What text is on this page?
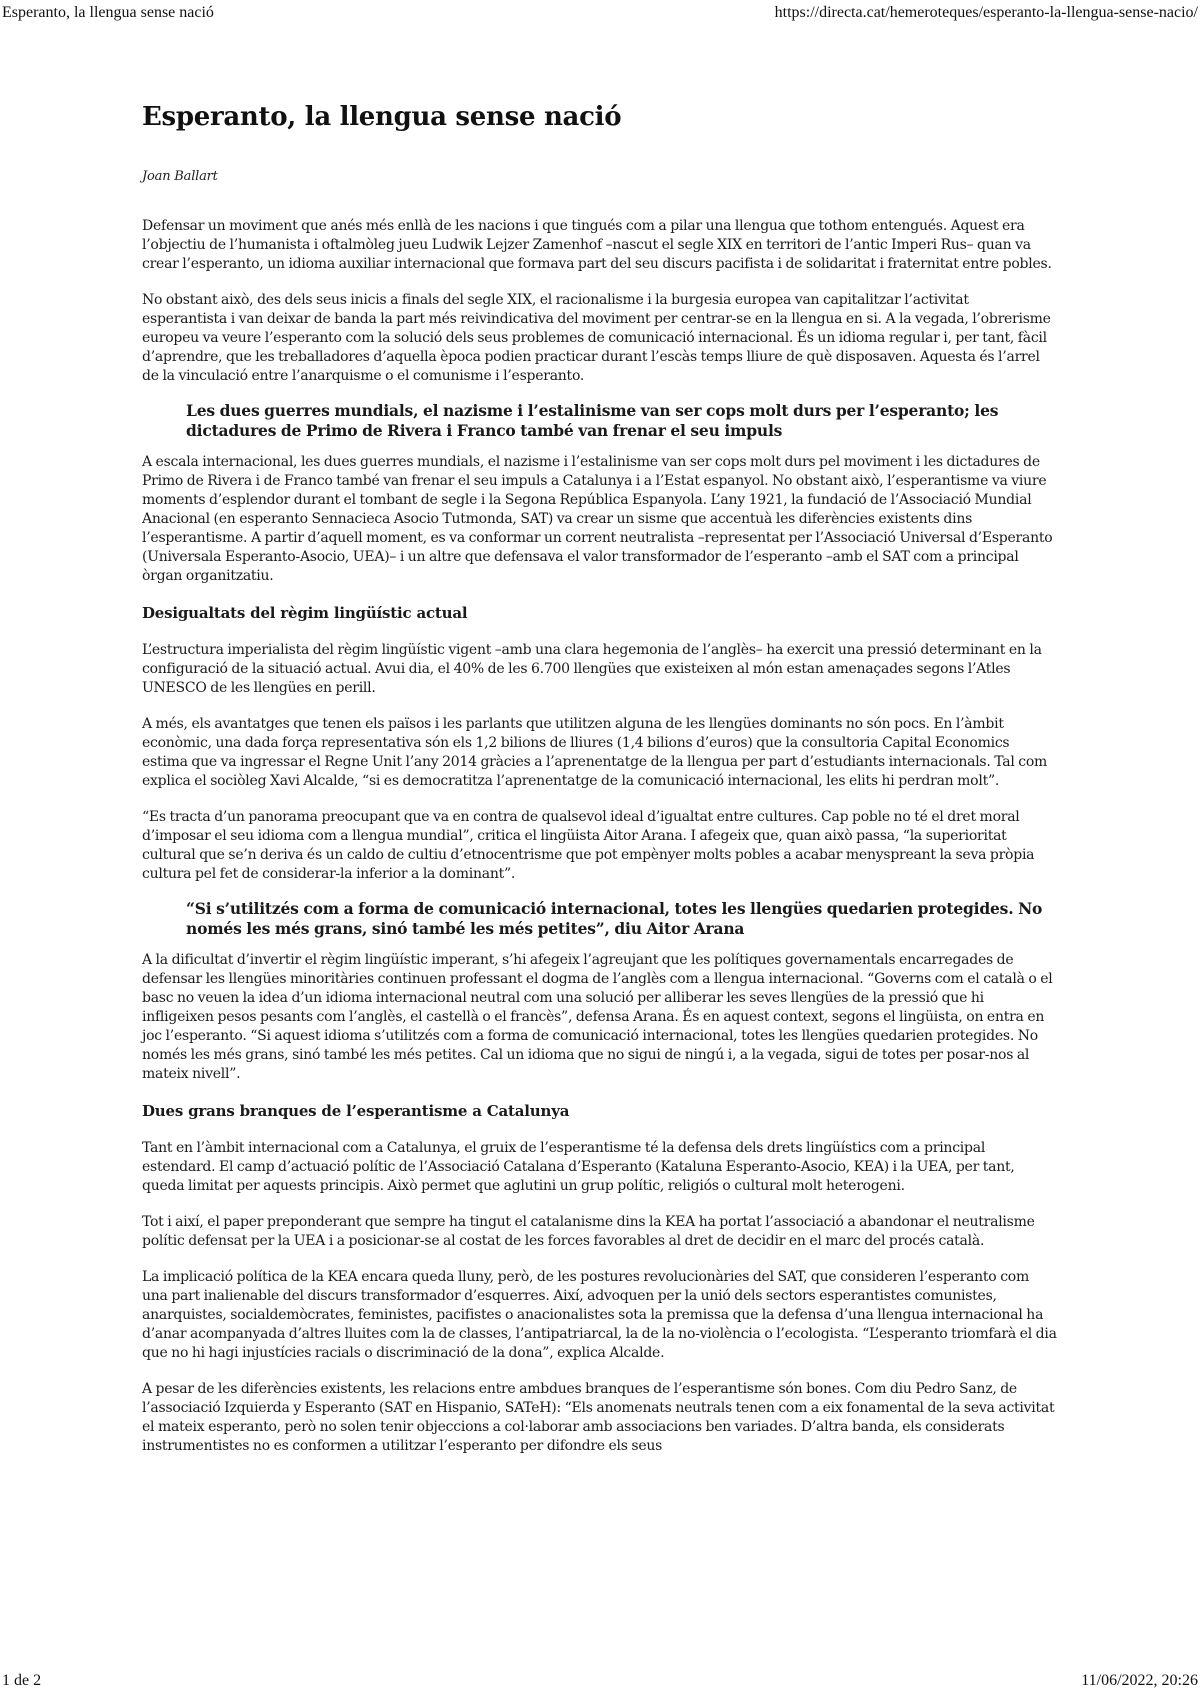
Esperanto, la llengua sense nació	https://directa.cat/hemeroteques/esperanto-la-llengua-sense-nacio/
Esperanto, la llengua sense nació
Joan Ballart

Defensar un moviment que anés més enllà de les nacions i que tingués com a pilar una llengua que tothom entengués. Aquest era l’objectiu de l’humanista i oftalmòleg jueu Ludwik Lejzer Zamenhof –nascut el segle XIX en territori de l’antic Imperi Rus– quan va crear l’esperanto, un idioma auxiliar internacional que formava part del seu discurs pacifista i de solidaritat i fraternitat entre pobles.

No obstant això, des dels seus inicis a finals del segle XIX, el racionalisme i la burgesia europea van capitalitzar l’activitat esperantista i van deixar de banda la part més reivindicativa del moviment per centrar-se en la llengua en si. A la vegada, l’obrerisme europeu va veure l’esperanto com la solució dels seus problemes de comunicació internacional. És un idioma regular i, per tant, fàcil d’aprendre, que les treballadores d’aquella època podien practicar durant l’escàs temps lliure de què disposaven. Aquesta és l’arrel de la vinculació entre l’anarquisme o el comunisme i l’esperanto.

Les dues guerres mundials, el nazisme i l’estalinisme van ser cops molt durs per l’esperanto; les dictadures de Primo de Rivera i Franco també van frenar el seu impuls

A escala internacional, les dues guerres mundials, el nazisme i l’estalinisme van ser cops molt durs pel moviment i les dictadures de Primo de Rivera i de Franco també van frenar el seu impuls a Catalunya i a l’Estat espanyol. No obstant això, l’esperantisme va viure moments d’esplendor durant el tombant de segle i la Segona República Espanyola. L’any 1921, la fundació de l’Associació Mundial Anacional (en esperanto Sennacieca Asocio Tutmonda, SAT) va crear un sisme que accentuà les diferències existents dins l’esperantisme. A partir d’aquell moment, es va conformar un corrent neutralista –representat per l’Associació Universal d’Esperanto (Universala Esperanto-Asocio, UEA)– i un altre que defensava el valor transformador de l’esperanto –amb el SAT com a principal òrgan organitzatiu.

Desigualtats del règim lingüístic actual

L’estructura imperialista del règim lingüístic vigent –amb una clara hegemonia de l’anglès– ha exercit una pressió determinant en la configuració de la situació actual. Avui dia, el 40% de les 6.700 llengües que existeixen al món estan amenaçades segons l’Atles UNESCO de les llengües en perill.

A més, els avantatges que tenen els països i les parlants que utilitzen alguna de les llengües dominants no són pocs. En l’àmbit econòmic, una dada força representativa són els 1,2 bilions de lliures (1,4 bilions d’euros) que la consultoria Capital Economics estima que va ingressar el Regne Unit l’any 2014 gràcies a l’aprenentatge de la llengua per part d’estudiants internacionals. Tal com explica el sociòleg Xavi Alcalde, “si es democratitza l’aprenentatge de la comunicació internacional, les elits hi perdran molt”.

“Es tracta d’un panorama preocupant que va en contra de qualsevol ideal d’igualtat entre cultures. Cap poble no té el dret moral d’imposar el seu idioma com a llengua mundial”, critica el lingüista Aitor Arana. I afegeix que, quan això passa, “la superioritat cultural que se’n deriva és un caldo de cultiu d’etnocentrisme que pot empènyer molts pobles a acabar menyspreant la seva pròpia cultura pel fet de considerar-la inferior a la dominant”.

“Si s’utilitzés com a forma de comunicació internacional, totes les llengües quedarien protegides. No només les més grans, sinó també les més petites”, diu Aitor Arana

A la dificultat d’invertir el règim lingüístic imperant, s’hi afegeix l’agreujant que les polítiques governamentals encarregades de defensar les llengües minoritàries continuen professant el dogma de l’anglès com a llengua internacional. “Governs com el català o el basc no veuen la idea d’un idioma internacional neutral com una solució per alliberar les seves llengües de la pressió que hi infligeixen pesos pesants com l’anglès, el castellà o el francès”, defensa Arana. És en aquest context, segons el lingüista, on entra en joc l’esperanto. “Si aquest idioma s’utilitzés com a forma de comunicació internacional, totes les llengües quedarien protegides. No només les més grans, sinó també les més petites. Cal un idioma que no sigui de ningú i, a la vegada, sigui de totes per posar-nos al mateix nivell”.

Dues grans branques de l’esperantisme a Catalunya

Tant en l’àmbit internacional com a Catalunya, el gruix de l’esperantisme té la defensa dels drets lingüístics com a principal estendard. El camp d’actuació polític de l’Associació Catalana d’Esperanto (Kataluna Esperanto-Asocio, KEA) i la UEA, per tant, queda limitat per aquests principis. Això permet que aglutini un grup polític, religiós o cultural molt heterogeni.

Tot i així, el paper preponderant que sempre ha tingut el catalanisme dins la KEA ha portat l’associació a abandonar el neutralisme polític defensat per la UEA i a posicionar-se al costat de les forces favorables al dret de decidir en el marc del procés català.

La implicació política de la KEA encara queda lluny, però, de les postures revolucionàries del SAT, que consideren l’esperanto com una part inalienable del discurs transformador d’esquerres. Així, advoquen per la unió dels sectors esperantistes comunistes, anarquistes, socialdemòcrates, feministes, pacifistes o anacionalistes sota la premissa que la defensa d’una llengua internacional ha d’anar acompanyada d’altres lluites com la de classes, l’antipatriarcal, la de la no-violència o l’ecologista. “L’esperanto triomfarà el dia que no hi hagi injustícies racials o discriminació de la dona”, explica Alcalde.

A pesar de les diferències existents, les relacions entre ambdues branques de l’esperantisme són bones. Com diu Pedro Sanz, de l’associació Izquierda y Esperanto (SAT en Hispanio, SATeH): “Els anomenats neutrals tenen com a eix fonamental de la seva activitat el mateix esperanto, però no solen tenir objeccions a col·laborar amb associacions ben variades. D’altra banda, els considerats instrumentistes no es conformen a utilitzar l’esperanto per difondre els seus

1 de 2	11/06/2022, 20:26
